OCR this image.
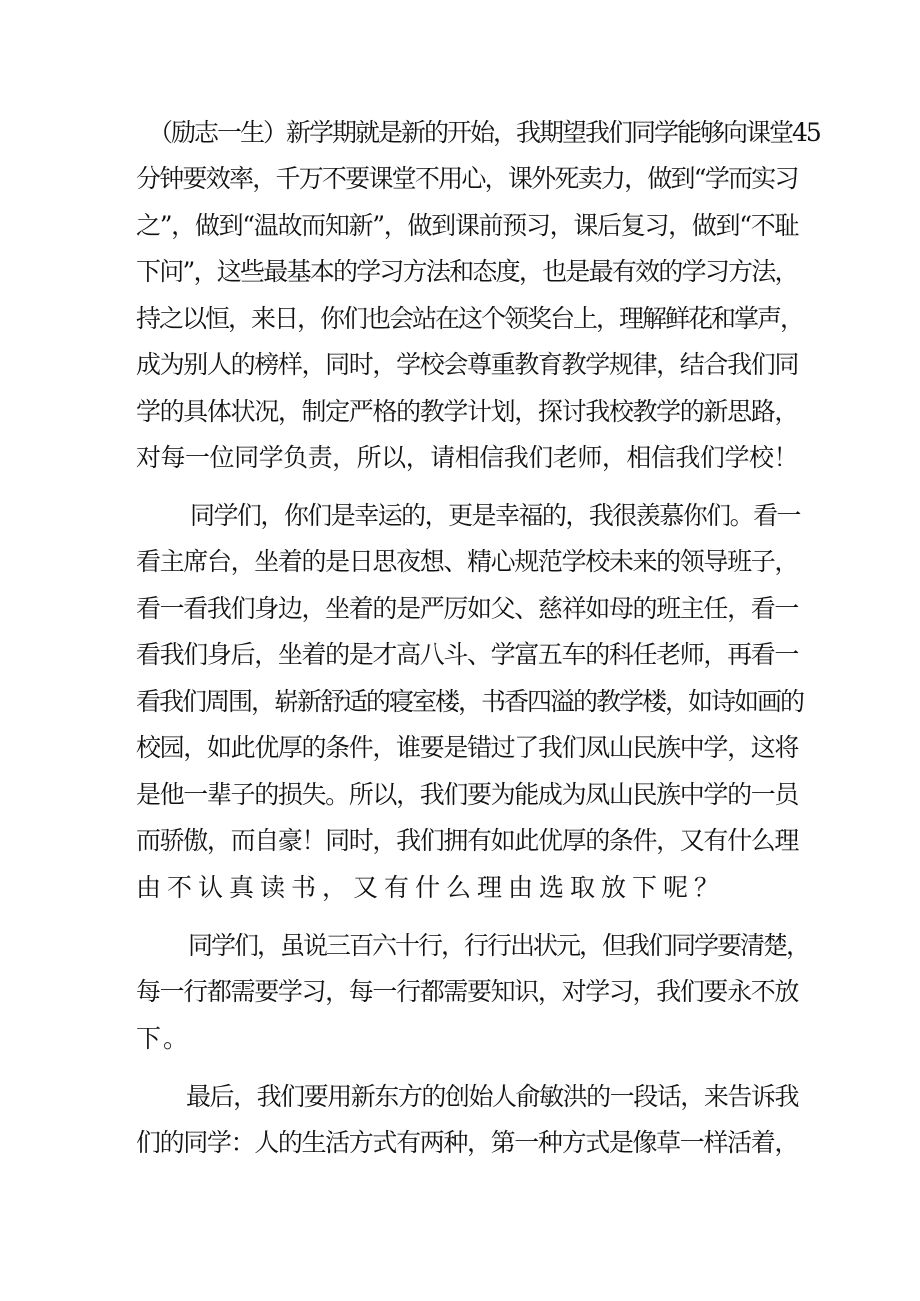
（励志一生）新学期就是新的开始，我期望我们同学能够向课堂45
分钟要效率，千万不要课堂不用心，课外死卖力，做到“学而实习
之”，做到“温故而知新”，做到课前预习，课后复习，做到“不耻
下问”，这些最基本的学习方法和态度，也是最有效的学习方法，
持之以恒，来日，你们也会站在这个领奖台上，理解鲜花和掌声，
成为别人的榜样，同时，学校会尊重教育教学规律，结合我们同
学的具体状况，制定严格的教学计划，探讨我校教学的新思路，
对每一位同学负责，所以，请相信我们老师，相信我们学校！
同学们，你们是幸运的，更是幸福的，我很羡慕你们。看一
看主席台，坐着的是日思夜想、精心规范学校未来的领导班子，
看一看我们身边，坐着的是严厉如父、慈祥如母的班主任，看一
看我们身后，坐着的是才高八斗、学富五车的科任老师，再看一
看我们周围，崭新舒适的寝室楼，书香四溢的教学楼，如诗如画的
校园，如此优厚的条件，谁要是错过了我们凤山民族中学，这将
是他一辈子的损失。所以，我们要为能成为凤山民族中学的一员
而骄傲，而自豪！同时，我们拥有如此优厚的条件，又有什么理
由不认真读书，又有什么理由选取放下呢？
同学们，虽说三百六十行，行行出状元，但我们同学要清楚，
每一行都需要学习，每一行都需要知识，对学习，我们要永不放
下。
最后，我们要用新东方的创始人俞敏洪的一段话，来告诉我
们的同学：人的生活方式有两种，第一种方式是像草一样活着，
